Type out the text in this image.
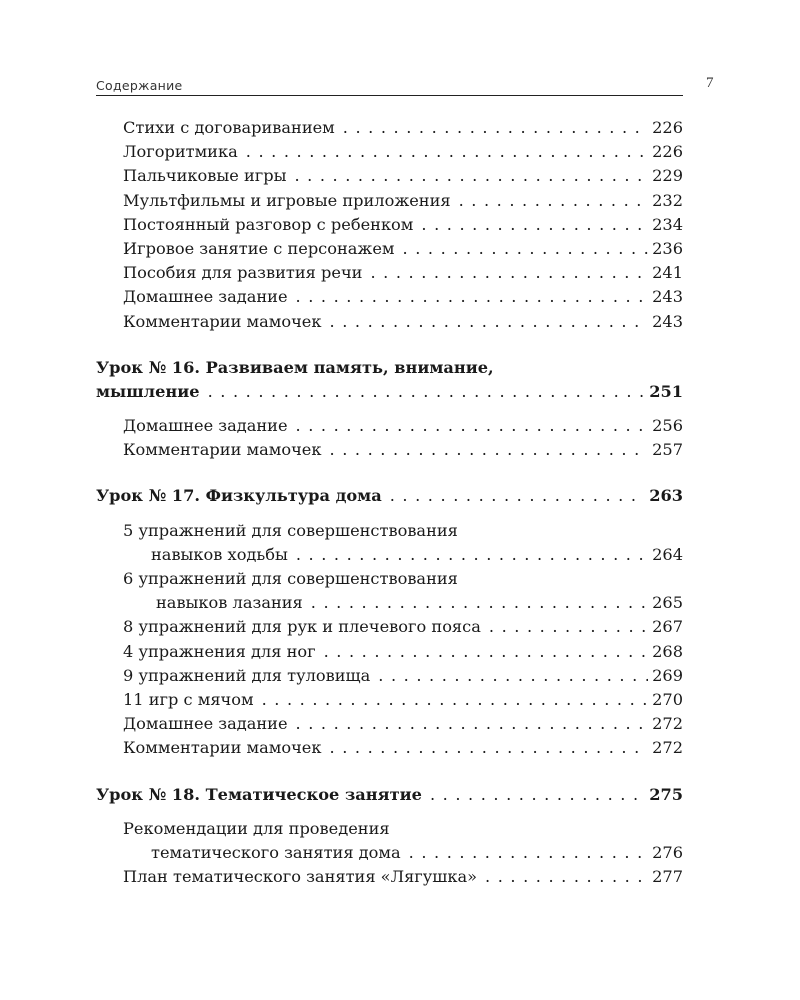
Содержание	7
Стихи с договариванием . . .	226
Логоритмика . . .	226
Пальчиковые игры . . .	229
Мультфильмы и игровые приложения . . .	232
Постоянный разговор с ребенком . . .	234
Игровое занятие с персонажем . . .	236
Пособия для развития речи . . .	241
Домашнее задание . . .	243
Комментарии мамочек . . .	243
Урок № 16. Развиваем память, внимание,
мышление . . .	251
Домашнее задание . . .	256
Комментарии мамочек . . .	257
Урок № 17. Физкультура дома . . .	263
5 упражнений для совершенствования
навыков ходьбы . . .	264
6 упражнений для совершенствования
навыков лазания . . .	265
8 упражнений для рук и плечевого пояса . . .	267
4 упражнения для ног . . .	268
9 упражнений для туловища . . .	269
11 игр с мячом . . .	270
Домашнее задание . . .	272
Комментарии мамочек . . .	272
Урок № 18. Тематическое занятие . . .	275
Рекомендации для проведения
тематического занятия дома . . .	276
План тематического занятия «Лягушка» . . .	277
